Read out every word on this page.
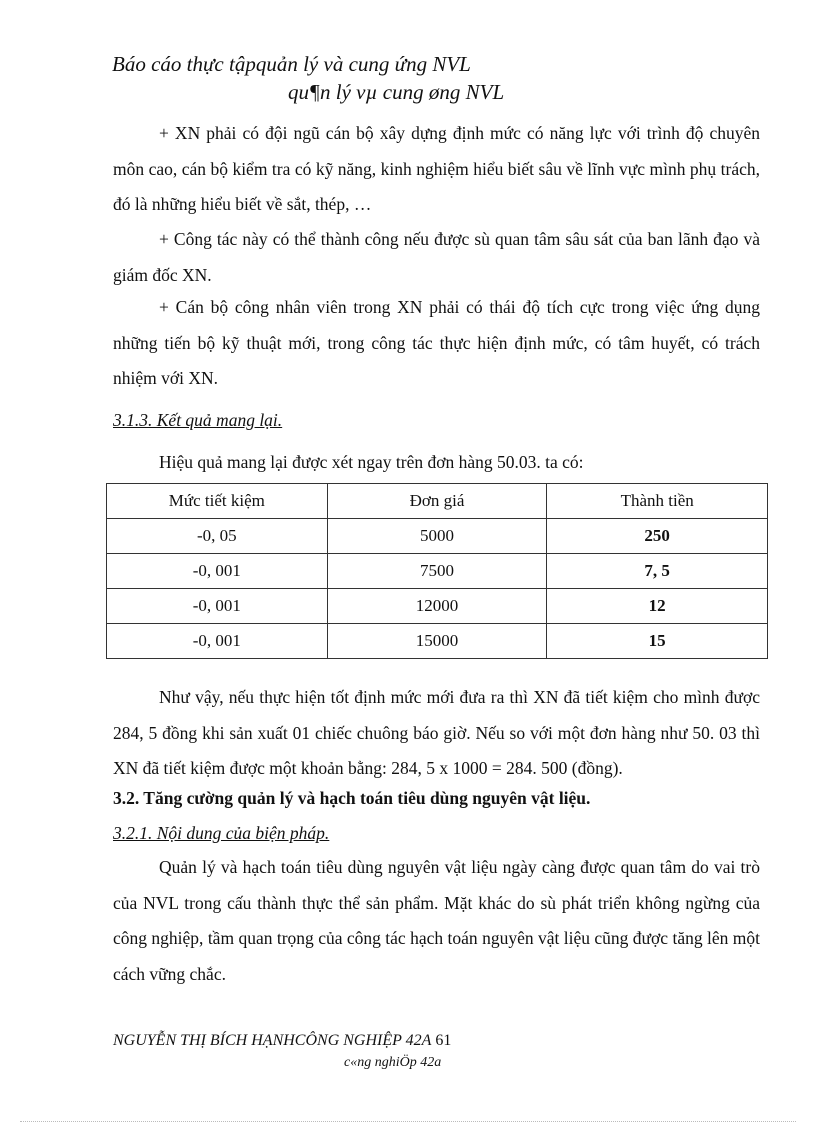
Báo cáo thực tậpquản lý và cung ứng NVL
qu¶n lý vµ cung øng NVL

+ XN phải có đội ngũ cán bộ xây dựng định mức có năng lực với trình độ chuyên môn cao, cán bộ kiểm tra có kỹ năng, kinh nghiệm hiểu biết sâu về lĩnh vực mình phụ trách, đó là những hiểu biết về sắt, thép, …

+ Công tác này có thể thành công nếu được sù quan tâm sâu sát của ban lãnh đạo và giám đốc XN.

+ Cán bộ công nhân viên trong XN phải có thái độ tích cực trong việc ứng dụng những tiến bộ kỹ thuật mới, trong công tác thực hiện định mức, có tâm huyết, có trách nhiệm với XN.

3.1.3. Kết quả mang lại.

Hiệu quả mang lại được xét ngay trên đơn hàng 50.03. ta có:

Mức tiết kiệm	Đơn giá	Thành tiền
-0, 05	5000	250
-0, 001	7500	7, 5
-0, 001	12000	12
-0, 001	15000	15

Như vậy, nếu thực hiện tốt định mức mới đưa ra thì XN đã tiết kiệm cho mình được 284, 5 đồng khi sản xuất 01 chiếc chuông báo giờ. Nếu so với một đơn hàng như 50. 03 thì XN đã tiết kiệm được một khoản bằng: 284, 5 x 1000 = 284. 500 (đồng).

3.2. Tăng cường quản lý và hạch toán tiêu dùng nguyên vật liệu.
3.2.1. Nội dung của biện pháp.

Quản lý và hạch toán tiêu dùng nguyên vật liệu ngày càng được quan tâm do vai trò của NVL trong cấu thành thực thể sản phẩm. Mặt khác do sù phát triển không ngừng của công nghiệp, tầm quan trọng của công tác hạch toán nguyên vật liệu cũng được tăng lên một cách vững chắc.

NGUYỄN THỊ BÍCH HẠNHCÔNG NGHIỆP 42A 61
c«ng nghiÖp 42a
